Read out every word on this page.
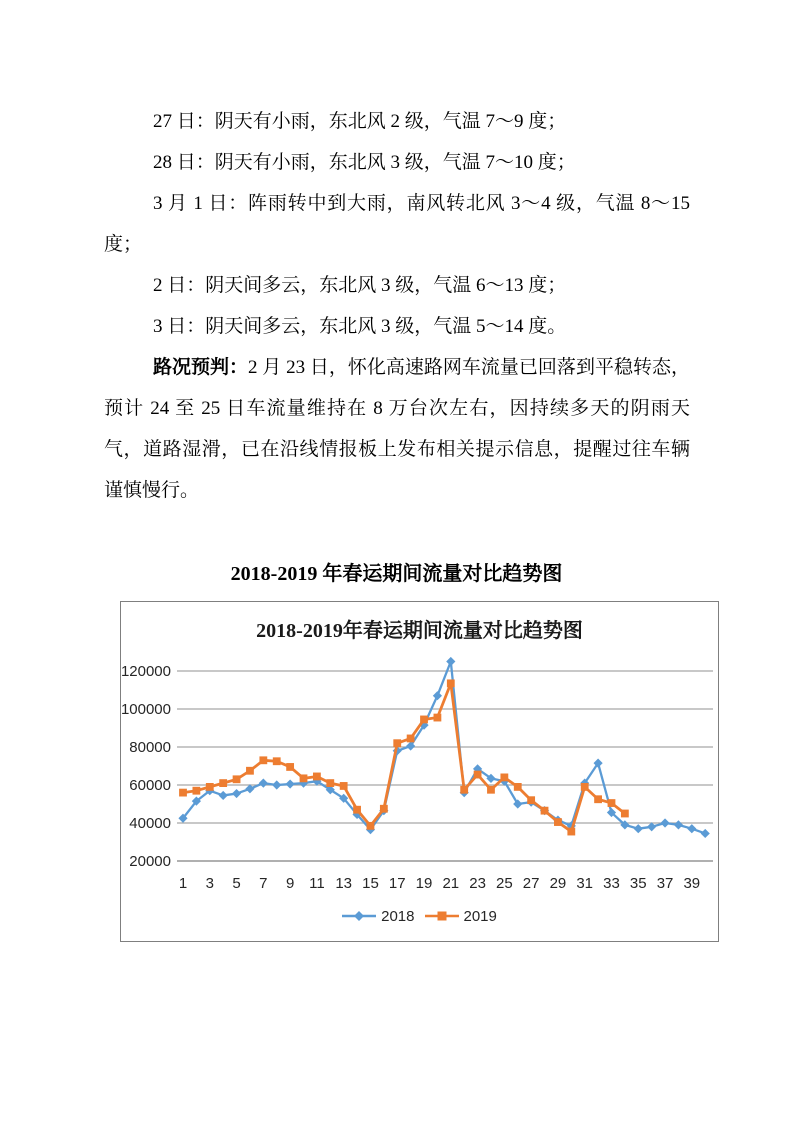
27 日：阴天有小雨，东北风 2 级，气温 7～9 度；

28 日：阴天有小雨，东北风 3 级，气温 7～10 度；

3 月 1 日：阵雨转中到大雨，南风转北风 3～4 级，气温 8～15 度；

2 日：阴天间多云，东北风 3 级，气温 6～13 度；

3 日：阴天间多云，东北风 3 级，气温 5～14 度。

路况预判：2 月 23 日，怀化高速路网车流量已回落到平稳转态，预计 24 至 25 日车流量维持在 8 万台次左右，因持续多天的阴雨天气，道路湿滑，已在沿线情报板上发布相关提示信息，提醒过往车辆谨慎慢行。

2018-2019 年春运期间流量对比趋势图
20000
40000
60000
80000
100000
120000
1 3 5 7 9 11 13 15 17 19 21 23 25 27 29 31 33 35 37 39
2018-2019年春运期间流量对比趋势图
2018	2019
